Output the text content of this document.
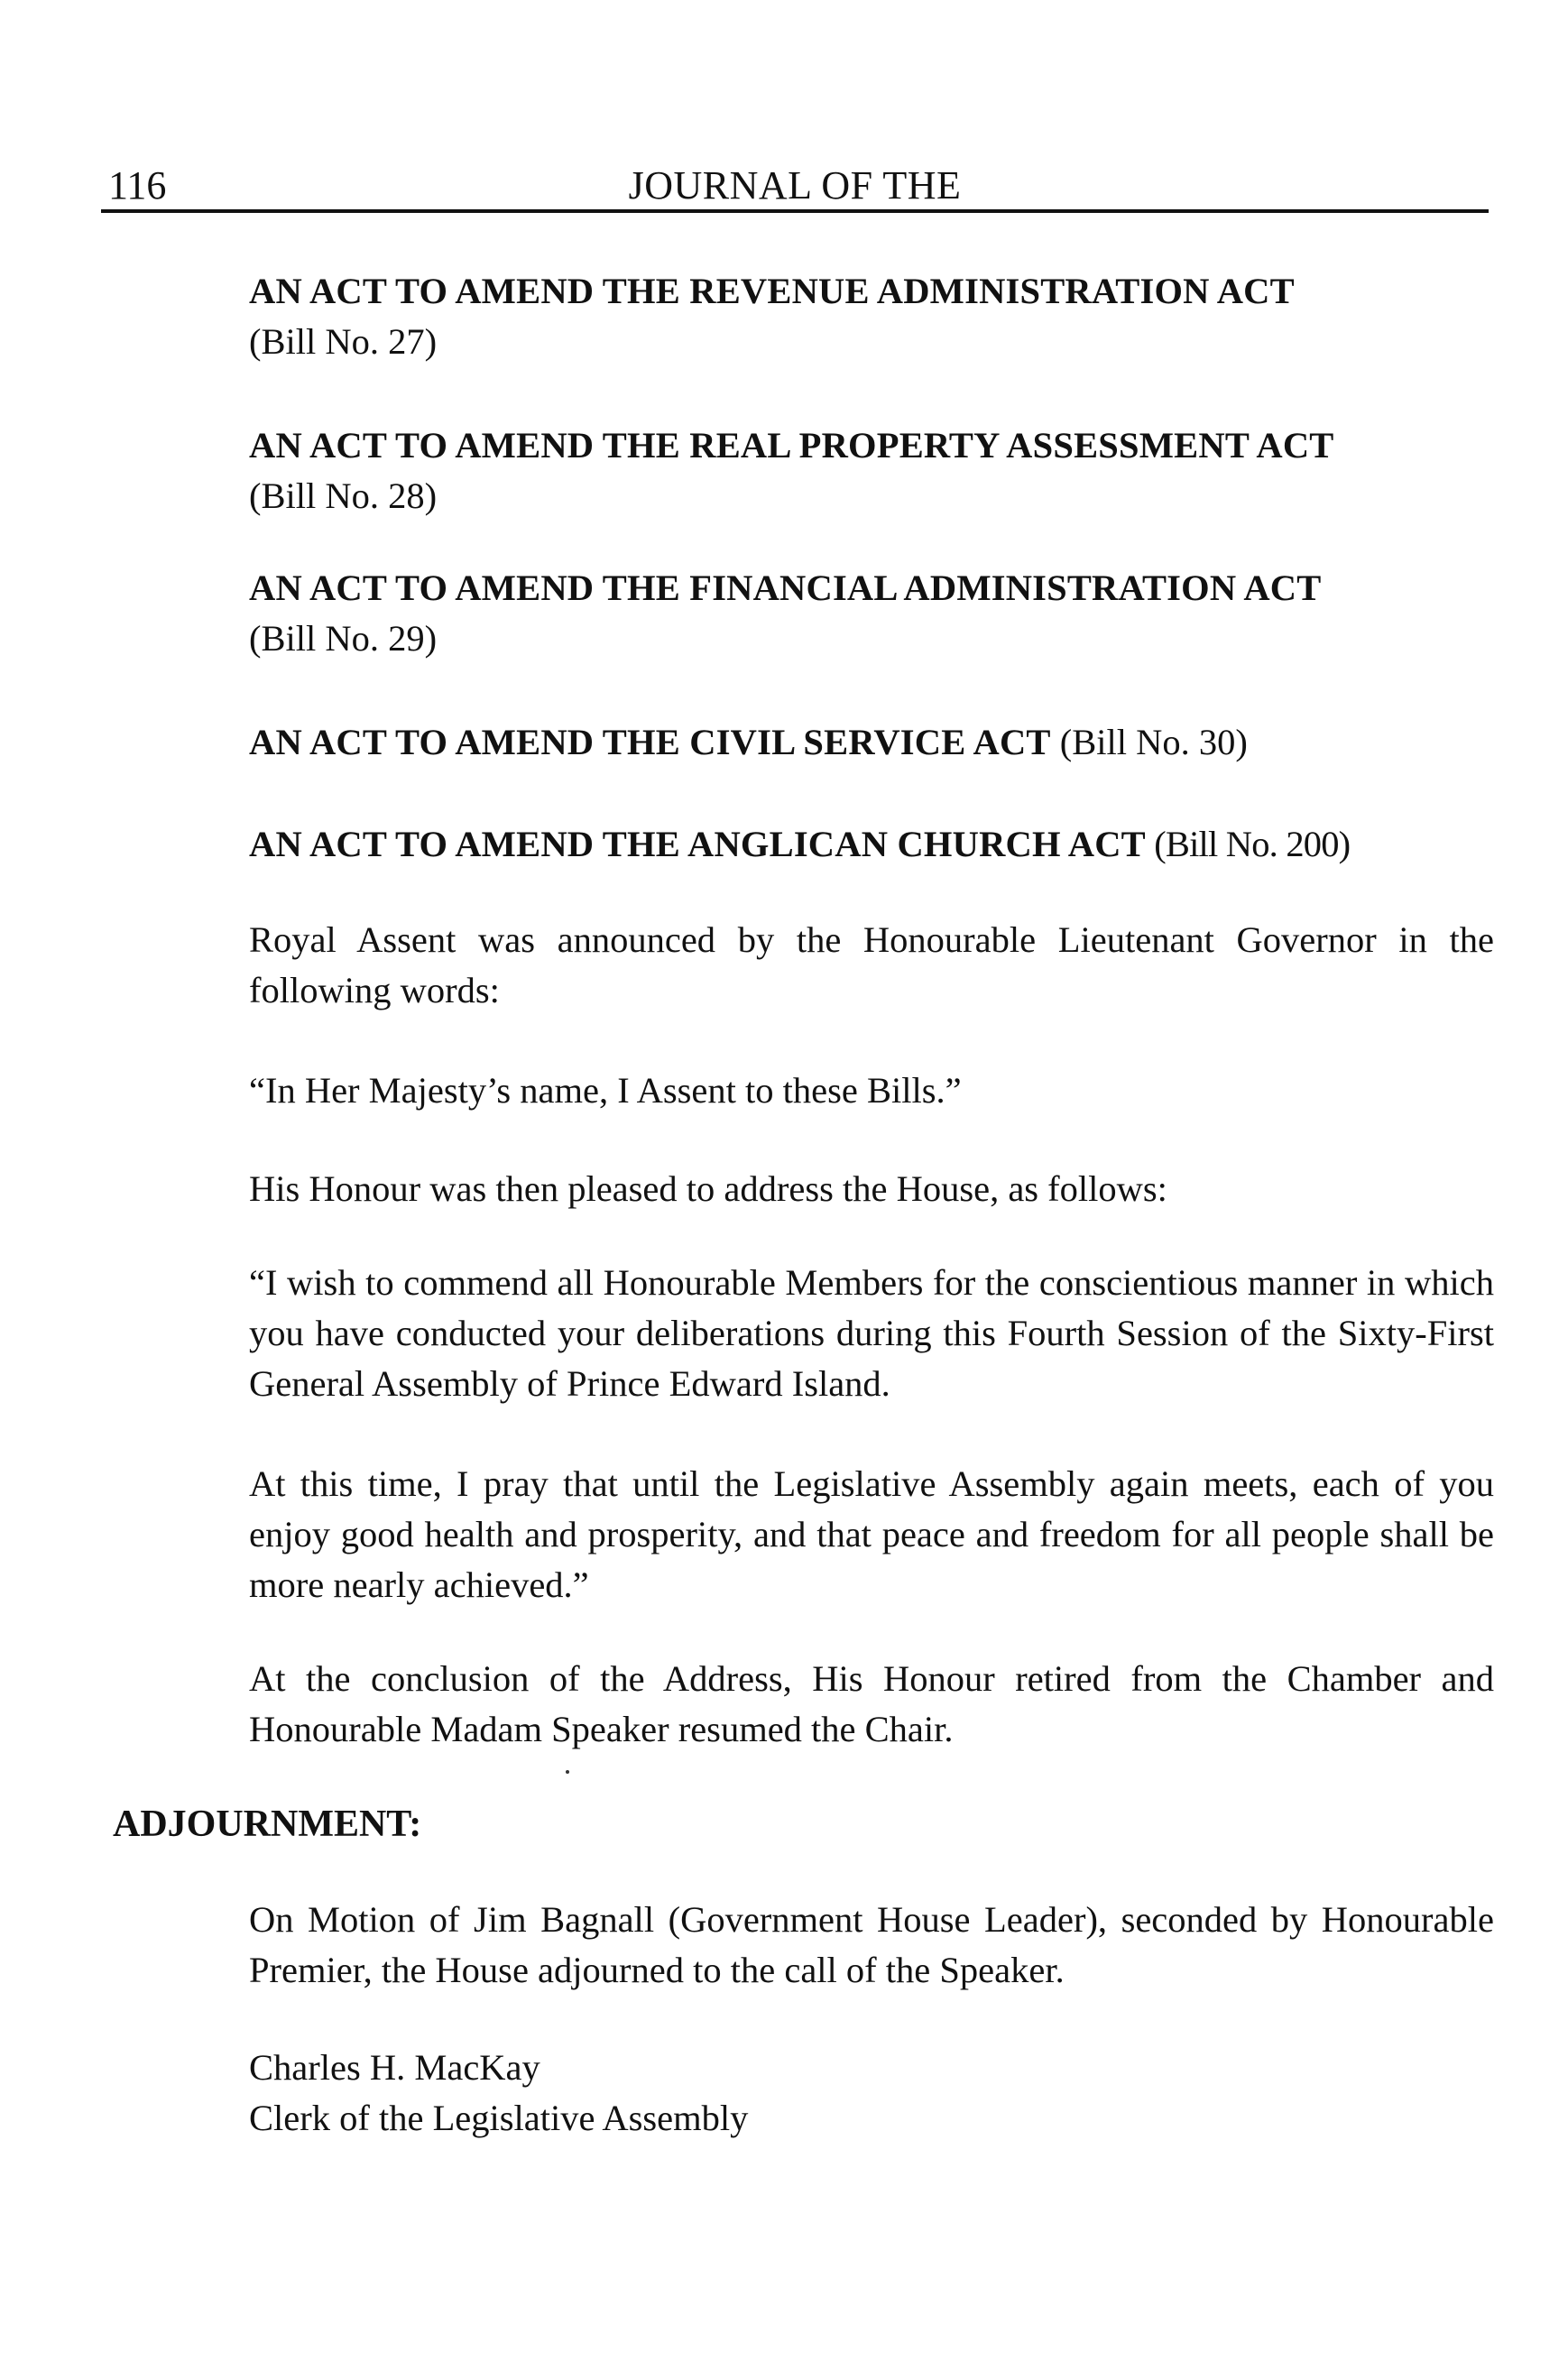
116	JOURNAL OF THE

AN ACT TO AMEND THE REVENUE ADMINISTRATION ACT
(Bill No. 27)

AN ACT TO AMEND THE REAL PROPERTY ASSESSMENT ACT
(Bill No. 28)

AN ACT TO AMEND THE FINANCIAL ADMINISTRATION ACT
(Bill No. 29)

AN ACT TO AMEND THE CIVIL SERVICE ACT (Bill No. 30)

AN ACT TO AMEND THE ANGLICAN CHURCH ACT (Bill No. 200)

Royal Assent was announced by the Honourable Lieutenant Governor in the following words:

“In Her Majesty’s name, I Assent to these Bills.”

His Honour was then pleased to address the House, as follows:

“I wish to commend all Honourable Members for the conscientious manner in which you have conducted your deliberations during this Fourth Session of the Sixty-First General Assembly of Prince Edward Island.

At this time, I pray that until the Legislative Assembly again meets, each of you enjoy good health and prosperity, and that peace and freedom for all people shall be more nearly achieved.”

At the conclusion of the Address, His Honour retired from the Chamber and Honourable Madam Speaker resumed the Chair.

ADJOURNMENT:

On Motion of Jim Bagnall (Government House Leader), seconded by Honourable Premier, the House adjourned to the call of the Speaker.

Charles H. MacKay
Clerk of the Legislative Assembly
